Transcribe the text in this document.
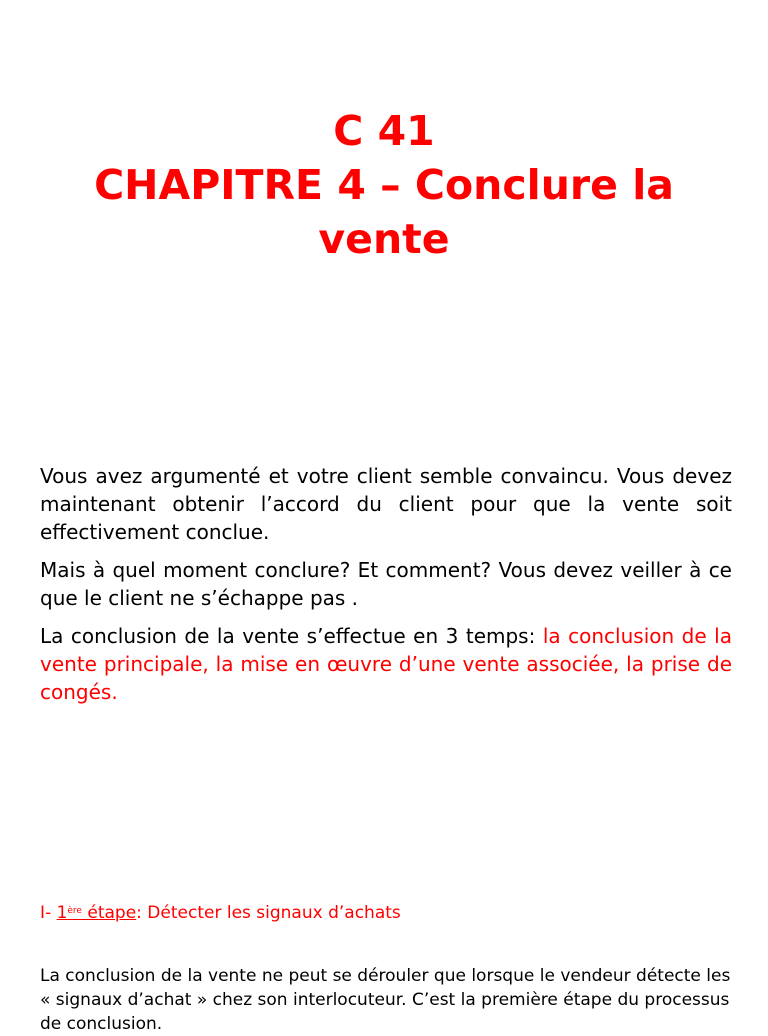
C 41
CHAPITRE 4 – Conclure la
vente

Vous avez argumenté et votre client semble convaincu. Vous devez maintenant obtenir l’accord du client pour que la vente soit effectivement conclue.

Mais à quel moment conclure? Et comment? Vous devez veiller à ce que le client ne s’échappe pas .

La conclusion de la vente s’effectue en 3 temps: la conclusion de la vente principale, la mise en œuvre d’une vente associée, la prise de congés.

I- 1ère étape: Détecter les signaux d’achats
La conclusion de la vente ne peut se dérouler que lorsque le vendeur détecte les « signaux d’achat » chez son interlocuteur. C’est la première étape du processus de conclusion.
